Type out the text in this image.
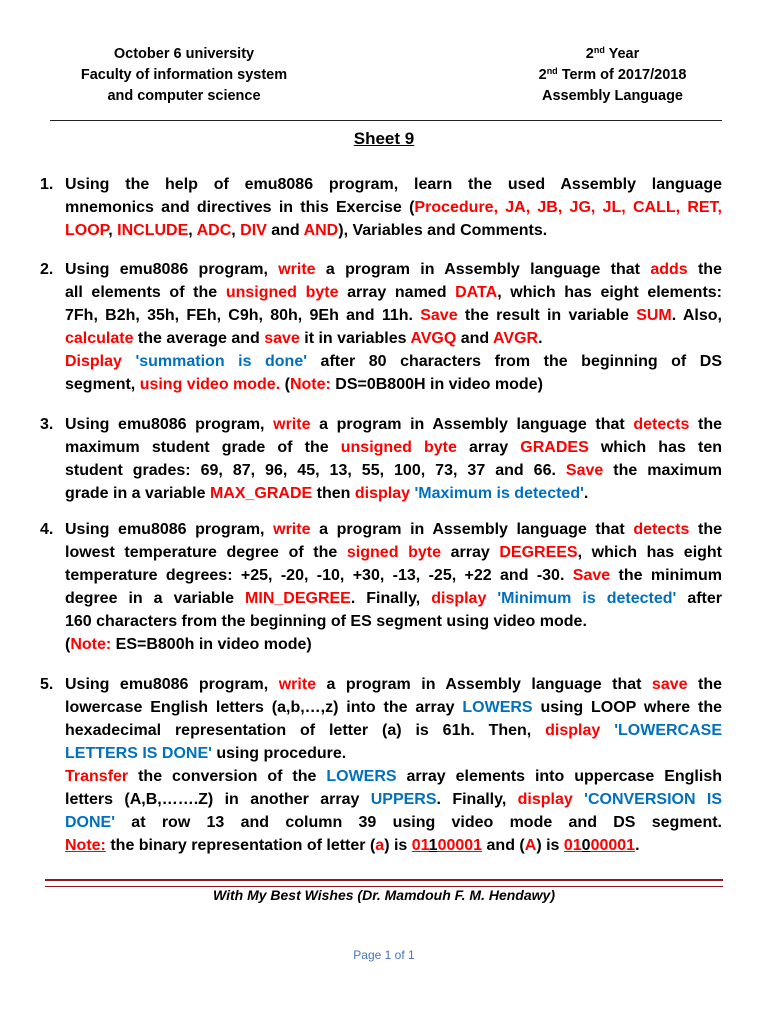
October 6 university
Faculty of information system
and computer science
2nd Year
2nd Term of 2017/2018
Assembly Language
Sheet 9
1. Using the help of emu8086 program, learn the used Assembly language
mnemonics and directives in this Exercise (Procedure, JA, JB, JG, JL, CALL, RET,
LOOP, INCLUDE, ADC, DIV and AND), Variables and Comments.
2. Using emu8086 program, write a program in Assembly language that adds the
all elements of the unsigned byte array named DATA, which has eight elements:
7Fh, B2h, 35h, FEh, C9h, 80h, 9Eh and 11h. Save the result in variable SUM. Also,
calculate the average and save it in variables AVGQ and AVGR.
Display 'summation is done' after 80 characters from the beginning of DS
segment, using video mode. (Note: DS=0B800H in video mode)
3. Using emu8086 program, write a program in Assembly language that detects the
maximum student grade of the unsigned byte array GRADES which has ten
student grades: 69, 87, 96, 45, 13, 55, 100, 73, 37 and 66. Save the maximum
grade in a variable MAX_GRADE then display 'Maximum is detected'.
4. Using emu8086 program, write a program in Assembly language that detects the
lowest temperature degree of the signed byte array DEGREES, which has eight
temperature degrees: +25, -20, -10, +30, -13, -25, +22 and -30. Save the minimum
degree in a variable MIN_DEGREE. Finally, display 'Minimum is detected' after
160 characters from the beginning of ES segment using video mode.
(Note: ES=B800h in video mode)
5. Using emu8086 program, write a program in Assembly language that save the
lowercase English letters (a,b,…,z) into the array LOWERS using LOOP where the
hexadecimal representation of letter (a) is 61h. Then, display 'LOWERCASE
LETTERS IS DONE' using procedure.
Transfer the conversion of the LOWERS array elements into uppercase English
letters (A,B,…….Z) in another array UPPERS. Finally, display 'CONVERSION IS
DONE' at row 13 and column 39 using video mode and DS segment.
Note: the binary representation of letter (a) is 01100001 and (A) is 01000001.
With My Best Wishes (Dr. Mamdouh F. M. Hendawy)
Page 1 of 1
